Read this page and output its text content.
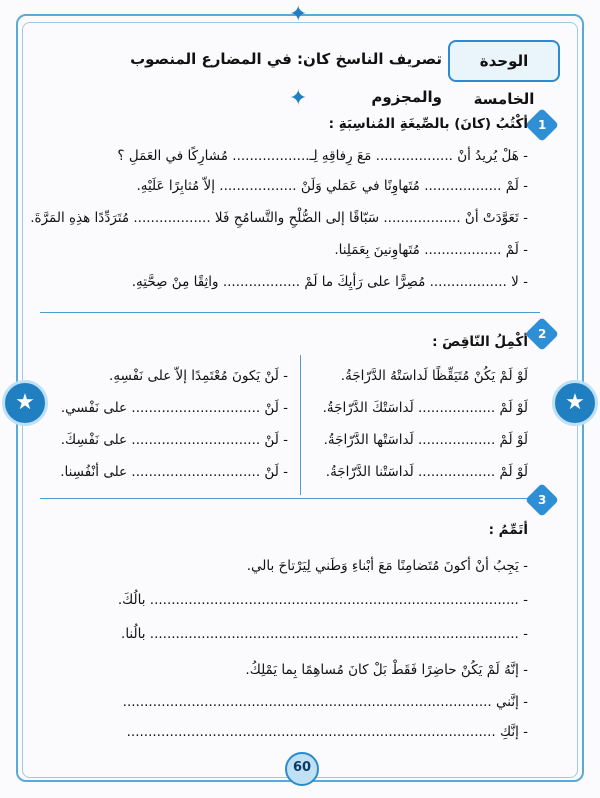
✦
★	★
✦
الوحدة الخامسة
تصريف الناسخ كان: في المضارع المنصوب والمجزوم
1
أكْتُبُ (كانَ) بالصِّيغَةِ المُناسِبَةِ :
- هَلْ يُريدُ أنْ .................. مَعَ رِفاقِهِ لِـ.................. مُشارِكًا في العَمَلِ ؟
- لَمْ .................. مُتَهاوِنًا في عَمَلي وَلَنْ .................. إلاّ مُثابِرًا عَلَيْهِ.
- تَعَوَّدَتْ أنْ .................. سَبّاقًا إلى الصُّلْحِ والتَّسامُحِ فَلا .................. مُتَرَدِّدًا هذِهِ المَرَّةَ.
- لَمْ .................. مُتَهاوِنينَ بِعَمَلِنا.
- لا .................. مُصِرًّا على رَأيِكَ ما لَمْ .................. واثِقًا مِنْ صِحَّتِهِ.
2
أكْمِلُ النّاقِصَ :
لَوْ لَمْ يَكُنْ مُتَيَقِّظًا لَداسَتْهُ الدَّرّاجَةُ.
لَوْ لَمْ .................. لَداسَتْكَ الدَّرّاجَةُ.
لَوْ لَمْ .................. لَداسَتْها الدَّرّاجَةُ.
لَوْ لَمْ .................. لَداسَتْنا الدَّرّاجَةُ.
- لَنْ يَكونَ مُعْتَمِدًا إلاّ على نَفْسِهِ.
- لَنْ .............................. على نَفْسي.
- لَنْ .............................. على نَفْسِكَ.
- لَنْ .............................. على أنْفُسِنا.
3
أتَمِّمُ :
- يَجِبُ أنْ أكونَ مُتَضامِنًا مَعَ أبْناءِ وَطَني لِيَرْتاحَ بالي.
- ...................................................................................... بالُكَ.
- ...................................................................................... بالُنا.
- إنَّهُ لَمْ يَكُنْ حاضِرًا فَقَطْ بَلْ كانَ مُساهِمًا بِما يَمْلِكُ.
- إنَّني ......................................................................................
- إنَّكِ ......................................................................................
60
